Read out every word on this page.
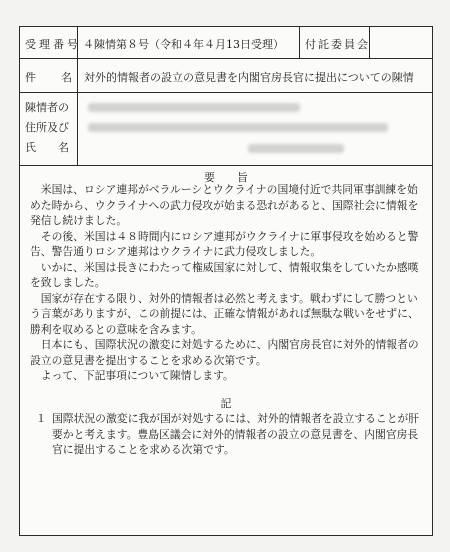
受理番号 ４陳情第８号（令和４年４月13日受理） 付託委員会
件 名 対外的情報者の設立の意見書を内閣官房長官に提出についての陳情
陳情者の
住所及び
氏　　名
要旨

米国は、ロシア連邦がベラルーシとウクライナの国境付近で共同軍事訓練を始めた時から、ウクライナへの武力侵攻が始まる恐れがあると、国際社会に情報を発信し続けました。

その後、米国は４８時間内にロシア連邦がウクライナに軍事侵攻を始めると警告、警告通りロシア連邦はウクライナに武力侵攻しました。

いかに、米国は長きにわたって権威国家に対して、情報収集をしていたか感嘆を致しました。

国家が存在する限り、対外的情報者は必然と考えます。戦わずにして勝つという言葉がありますが、この前提には、正確な情報があれば無駄な戦いをせずに、勝利を収めるとの意味を含みます。

日本にも、国際状況の激変に対処するために、内閣官房長官に対外的情報者の設立の意見書を提出することを求める次第です。

よって、下記事項について陳情します。

記
１ 国際状況の激変に我が国が対処するには、対外的情報者を設立することが肝要かと考えます。豊島区議会に対外的情報者の設立の意見書を、内閣官房長官に提出することを求める次第です。
